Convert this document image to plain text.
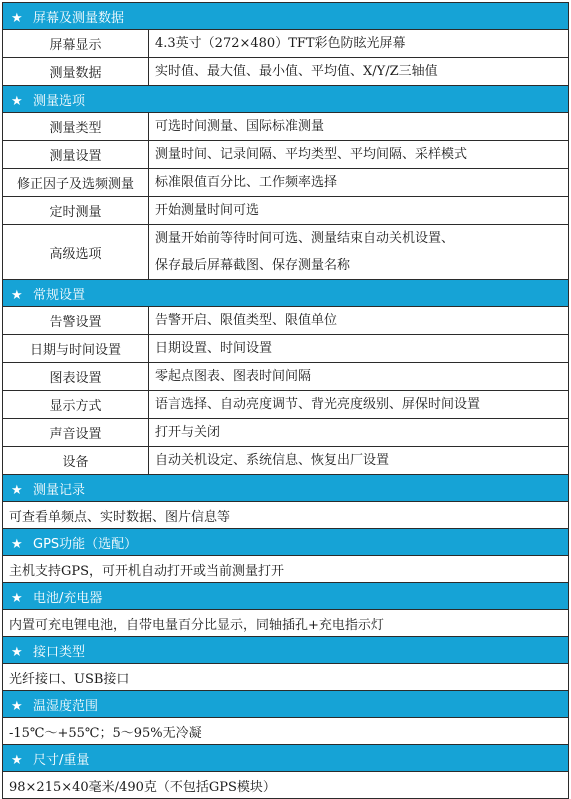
★ 屏幕及测量数据	
屏幕显示	4.3英寸（272×480）TFT彩色防眩光屏幕
测量数据	实时值、最大值、最小值、平均值、X/Y/Z三轴值
★ 测量选项	
测量类型	可选时间测量、国际标准测量
测量设置	测量时间、记录间隔、平均类型、平均间隔、采样模式
修正因子及选频测量	标准限值百分比、工作频率选择
定时测量	开始测量时间可选
高级选项	测量开始前等待时间可选、测量结束自动关机设置、
保存最后屏幕截图、保存测量名称

★ 常规设置	
告警设置	告警开启、限值类型、限值单位
日期与时间设置	日期设置、时间设置
图表设置	零起点图表、图表时间间隔
显示方式	语言选择、自动亮度调节、背光亮度级别、屏保时间设置
声音设置	打开与关闭
设备	自动关机设定、系统信息、恢复出厂设置
★ 测量记录	
可查看单频点、实时数据、图片信息等	
★ GPS功能（选配）	
主机支持GPS，可开机自动打开或当前测量打开	
★ 电池/充电器	
内置可充电锂电池，自带电量百分比显示，同轴插孔+充电指示灯	
★ 接口类型	
光纤接口、USB接口	
★ 温湿度范围	
-15℃～+55℃；5～95%无冷凝	
★ 尺寸/重量	
98×215×40毫米/490克（不包括GPS模块）	
